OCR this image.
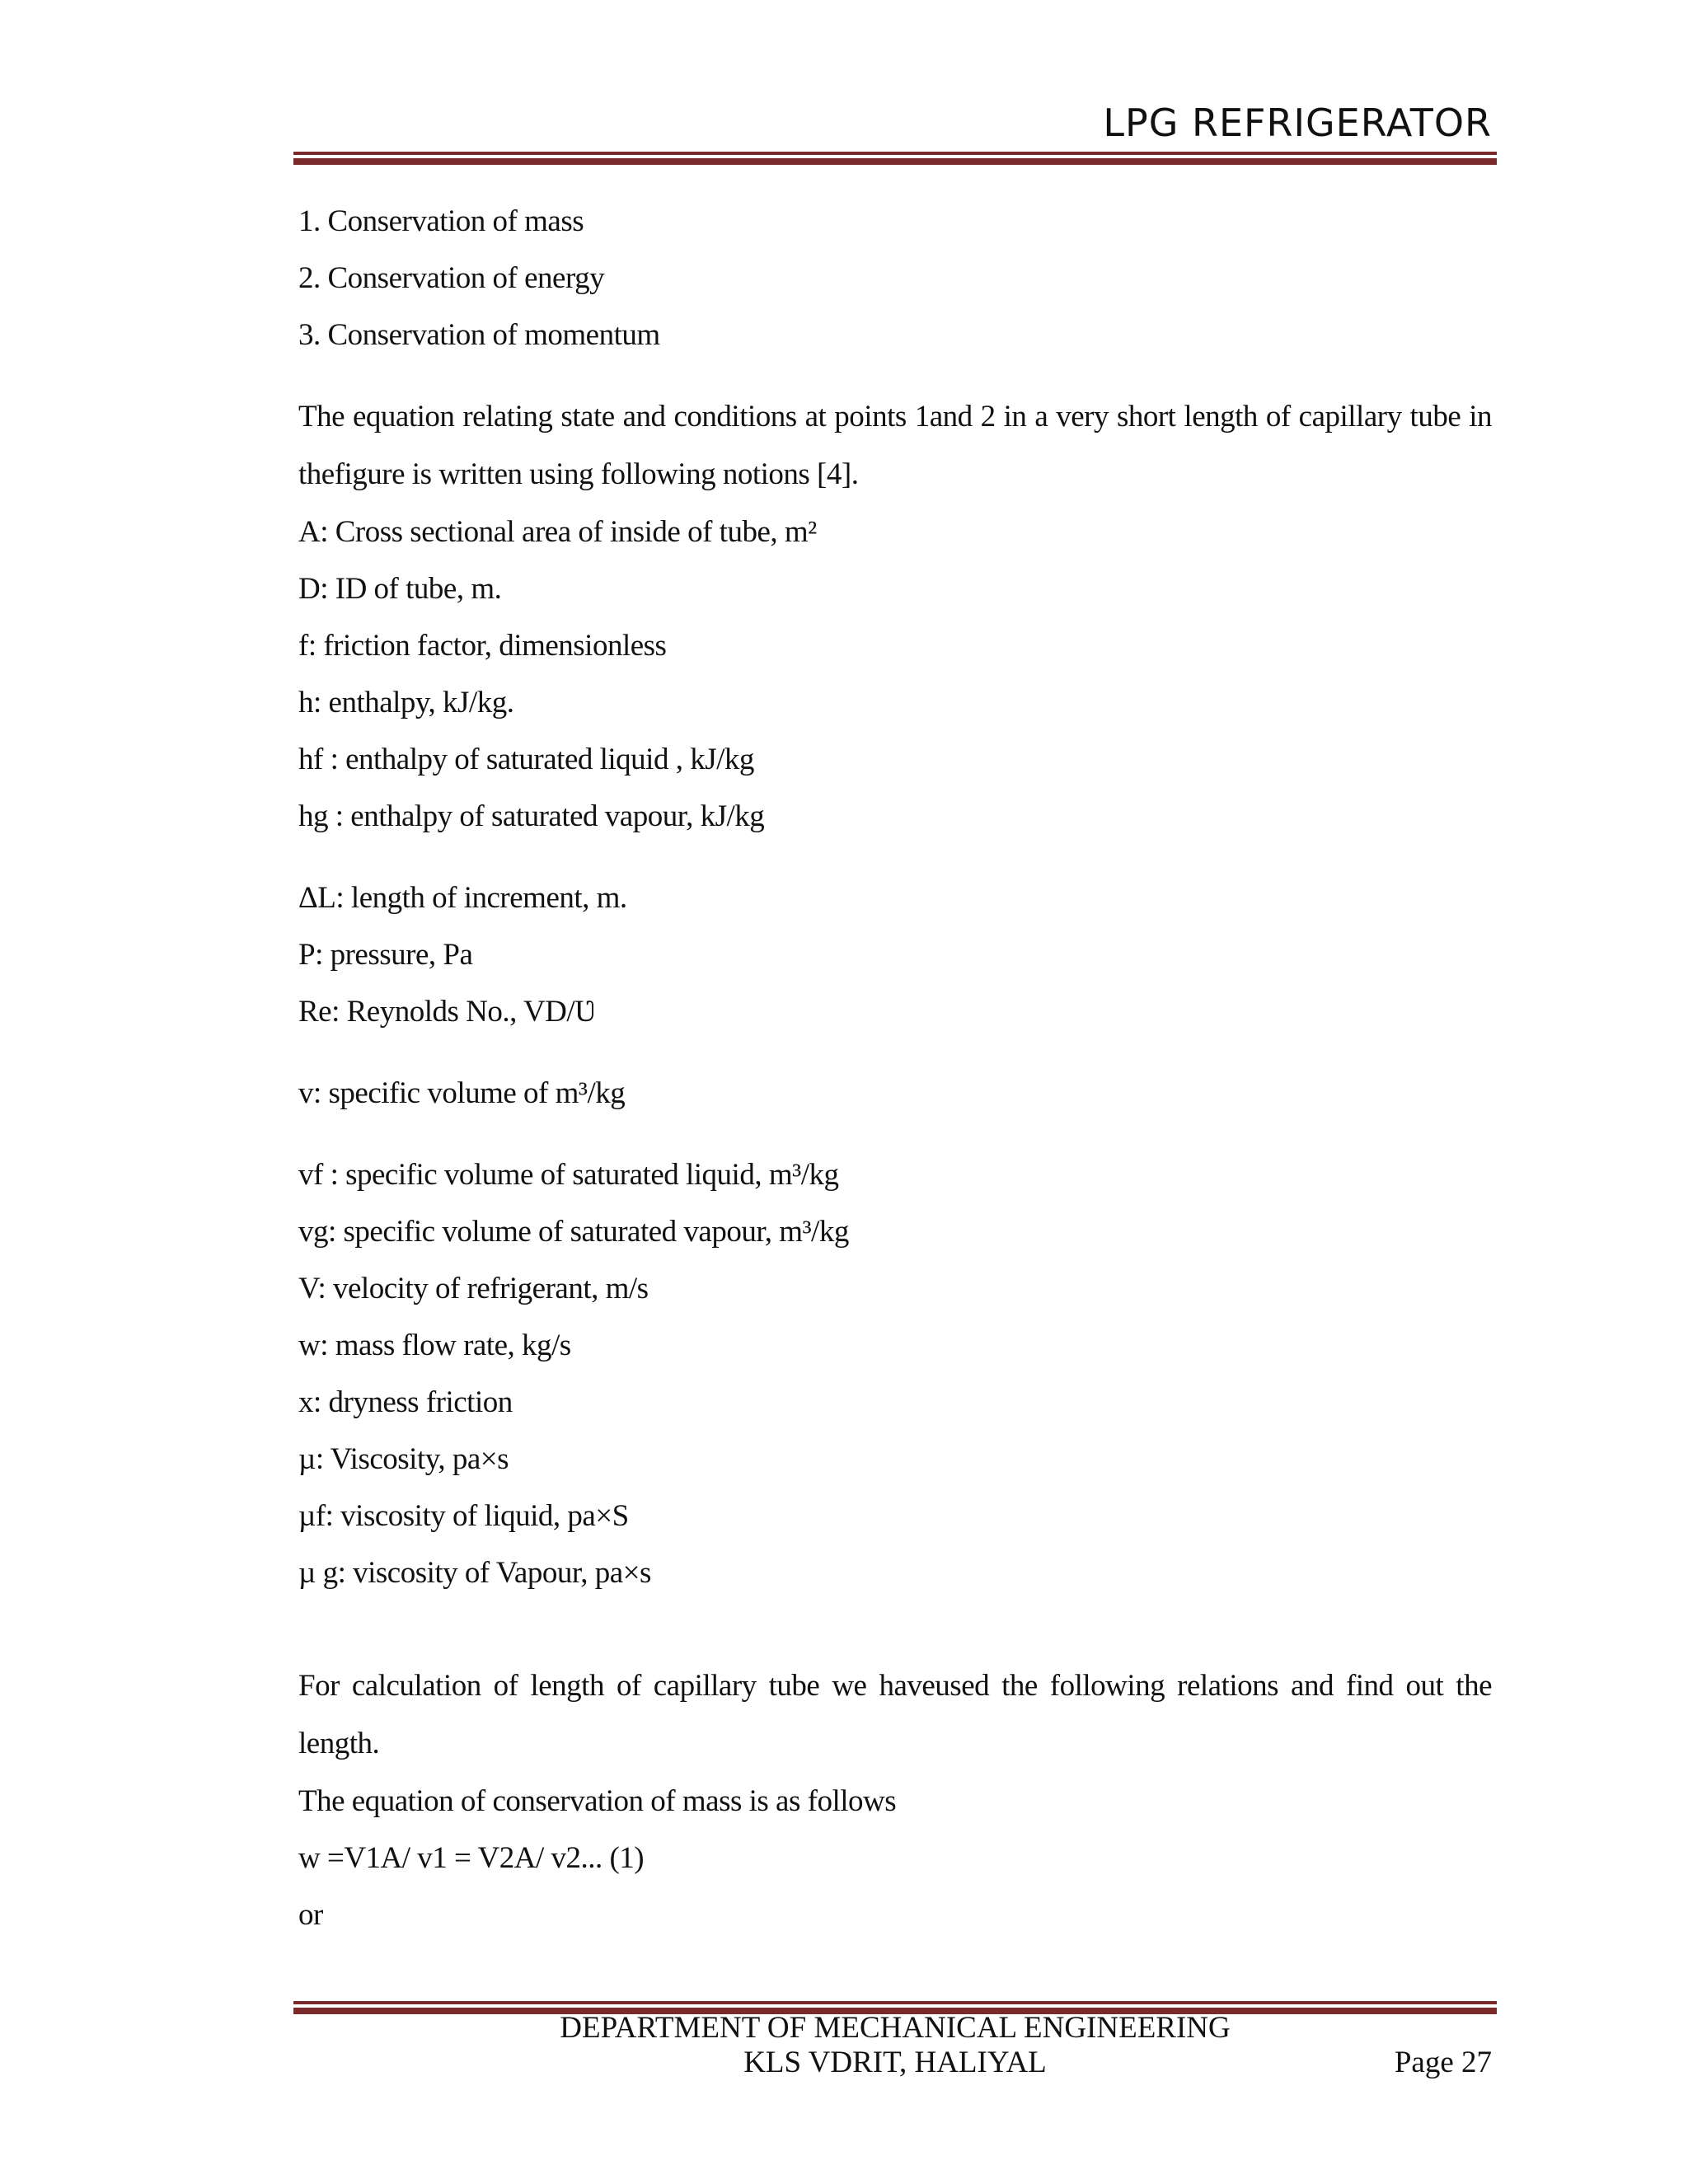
LPG REFRIGERATOR
1. Conservation of mass
2. Conservation of energy
3. Conservation of momentum
The equation relating state and conditions at points 1and 2 in a very short length of capillary tube in thefigure is written using following notions [4].
A: Cross sectional area of inside of tube, m²
D: ID of tube, m.
f: friction factor, dimensionless
h: enthalpy, kJ/kg.
hf : enthalpy of saturated liquid , kJ/kg
hg : enthalpy of saturated vapour, kJ/kg
ΔL: length of increment, m.
P: pressure, Pa
Re: Reynolds No., VD/Ʋ
v: specific volume of m³/kg
vf : specific volume of saturated liquid, m³/kg
vg: specific volume of saturated vapour, m³/kg
V: velocity of refrigerant, m/s
w: mass flow rate, kg/s
x: dryness friction
µ: Viscosity, pa×s
µf: viscosity of liquid, pa×S
µ g: viscosity of Vapour, pa×s
For calculation of length of capillary tube we haveused the following relations and find out the length.
The equation of conservation of mass is as follows
w =V1A/ v1 = V2A/ v2... (1)
or
DEPARTMENT OF MECHANICAL ENGINEERING
KLS VDRIT, HALIYAL	Page 27
